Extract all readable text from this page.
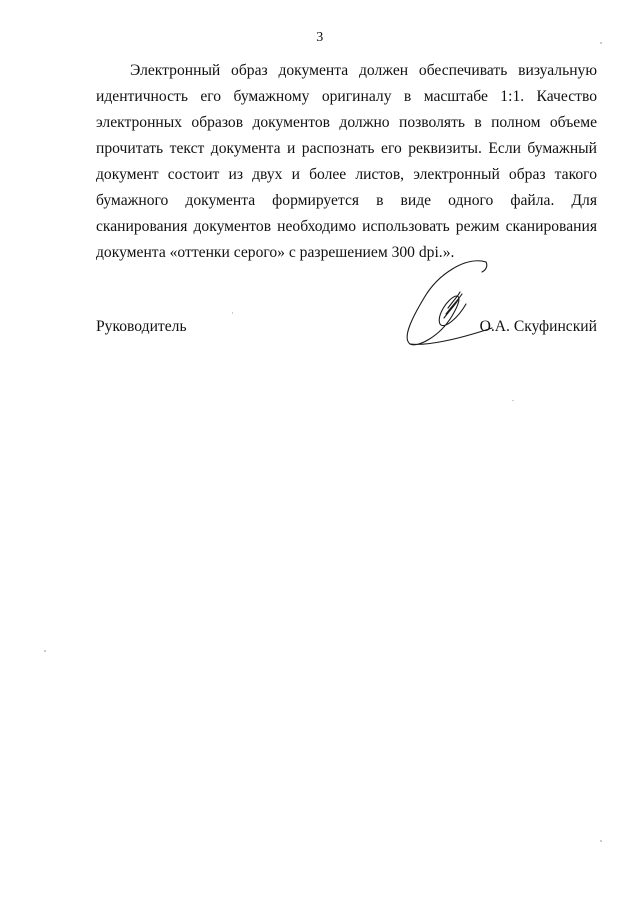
3

Электронный образ документа должен обеспечивать визуальную идентичность его бумажному оригиналу в масштабе 1:1. Качество электронных образов документов должно позволять в полном объеме прочитать текст документа и распознать его реквизиты. Если бумажный документ состоит из двух и более листов, электронный образ такого бумажного документа формируется в виде одного файла. Для сканирования документов необходимо использовать режим сканирования документа «оттенки серого» с разрешением 300 dpi.».

Руководитель	О.А. Скуфинский
